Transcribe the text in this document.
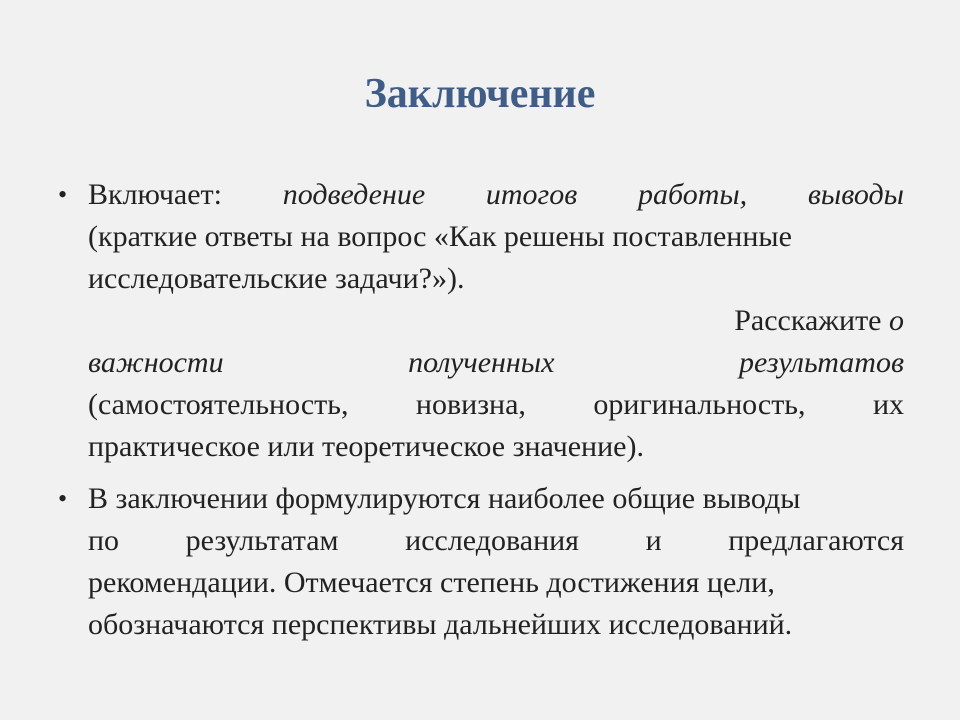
Заключение
• Включает: подведение итогов работы, выводы
(краткие ответы на вопрос «Как решены поставленные
исследовательские задачи?»).
Расскажите о
важности	полученных	результатов
(самостоятельность, новизна, оригинальность, их
практическое или теоретическое значение).
• В заключении формулируются наиболее общие выводы
по результатам исследования и предлагаются
рекомендации. Отмечается степень достижения цели,
обозначаются перспективы дальнейших исследований.
